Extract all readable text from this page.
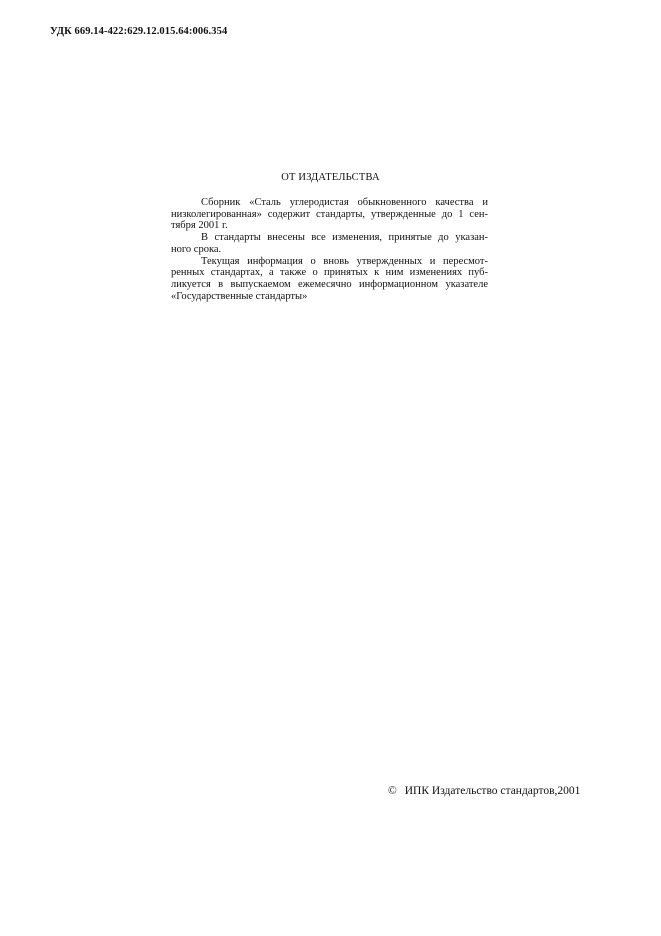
УДК 669.14-422:629.12.015.64:006.354
ОТ ИЗДАТЕЛЬСТВА
Сборник «Сталь углеродистая обыкновенного качества и
низколегированная» содержит стандарты, утвержденные до 1 сен-
тября 2001 г.
В стандарты внесены все изменения, принятые до указан-
ного срока.
Текущая информация о вновь утвержденных и пересмот-
ренных стандартах, а также о принятых к ним изменениях пуб-
ликуется в выпускаемом ежемесячно информационном указателе
«Государственные стандарты»
© ИПК Издательство стандартов,2001
